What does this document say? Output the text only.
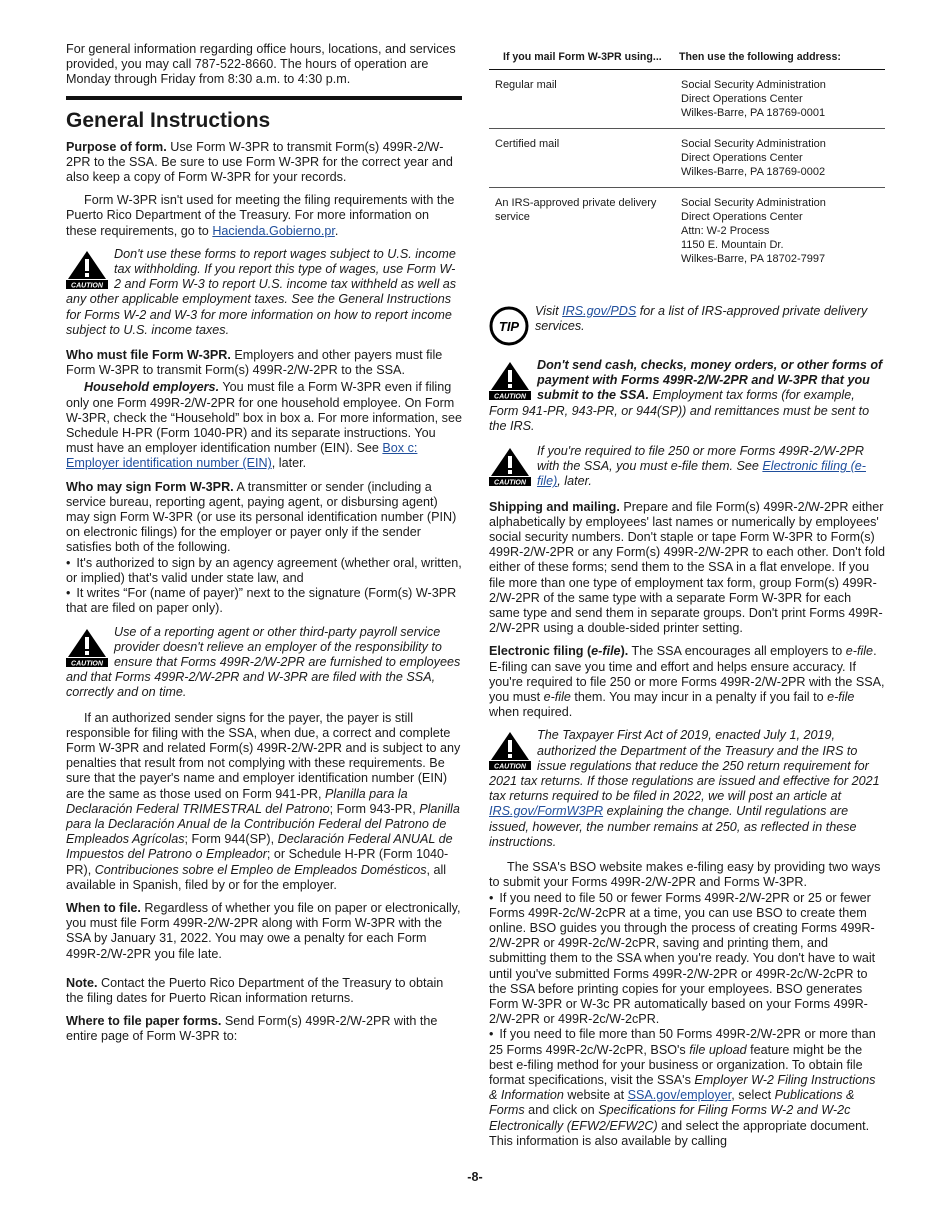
For general information regarding office hours, locations, and services provided, you may call 787-522-8660. The hours of operation are Monday through Friday from 8:30 a.m. to 4:30 p.m.

General Instructions

Purpose of form. Use Form W-3PR to transmit Form(s) 499R-2/W-2PR to the SSA. Be sure to use Form W-3PR for the correct year and also keep a copy of Form W-3PR for your records.

Form W-3PR isn't used for meeting the filing requirements with the Puerto Rico Department of the Treasury. For more information on these requirements, go to Hacienda.Gobierno.pr.

CAUTION
Don't use these forms to report wages subject to U.S. income tax withholding. If you report this type of wages, use Form W-2 and Form W-3 to report U.S. income tax withheld as well as any other applicable employment taxes. See the General Instructions for Forms W-2 and W-3 for more information on how to report income subject to U.S. income taxes.

Who must file Form W-3PR. Employers and other payers must file Form W-3PR to transmit Form(s) 499R-2/W-2PR to the SSA.

Household employers. You must file a Form W-3PR even if filing only one Form 499R-2/W-2PR for one household employee. On Form W-3PR, check the “Household” box in box a. For more information, see Schedule H-PR (Form 1040-PR) and its separate instructions. You must have an employer identification number (EIN). See Box c: Employer identification number (EIN), later.

Who may sign Form W-3PR. A transmitter or sender (including a service bureau, reporting agent, paying agent, or disbursing agent) may sign Form W-3PR (or use its personal identification number (PIN) on electronic filings) for the employer or payer only if the sender satisfies both of the following.

• It's authorized to sign by an agency agreement (whether oral, written, or implied) that's valid under state law, and
• It writes “For (name of payer)” next to the signature (Form(s) W-3PR that are filed on paper only).
CAUTION
Use of a reporting agent or other third-party payroll service provider doesn't relieve an employer of the responsibility to ensure that Forms 499R-2/W-2PR are furnished to employees and that Forms 499R-2/W-2PR and W-3PR are filed with the SSA, correctly and on time.

If an authorized sender signs for the payer, the payer is still responsible for filing with the SSA, when due, a correct and complete Form W-3PR and related Form(s) 499R-2/W-2PR and is subject to any penalties that result from not complying with these requirements. Be sure that the payer's name and employer identification number (EIN) are the same as those used on Form 941-PR, Planilla para la Declaración Federal TRIMESTRAL del Patrono; Form 943-PR, Planilla para la Declaración Anual de la Contribución Federal del Patrono de Empleados Agrícolas; Form 944(SP), Declaración Federal ANUAL de Impuestos del Patrono o Empleador; or Schedule H-PR (Form 1040-PR), Contribuciones sobre el Empleo de Empleados Domésticos, all available in Spanish, filed by or for the employer.

When to file. Regardless of whether you file on paper or electronically, you must file Form 499R-2/W-2PR along with Form W-3PR with the SSA by January 31, 2022. You may owe a penalty for each Form 499R-2/W-2PR you file late.

Note. Contact the Puerto Rico Department of the Treasury to obtain the filing dates for Puerto Rican information returns.

Where to file paper forms. Send Form(s) 499R-2/W-2PR with the entire page of Form W-3PR to:

If you mail Form W-3PR using...	Then use the following address:
Regular mail	Social Security Administration
Direct Operations Center
Wilkes-Barre, PA 18769-0001

Certified mail	Social Security Administration
Direct Operations Center
Wilkes-Barre, PA 18769-0002

An IRS-approved private delivery service	Social Security Administration
Direct Operations Center
Attn: W-2 Process
1150 E. Mountain Dr.
Wilkes-Barre, PA 18702-7997
TIP
Visit IRS.gov/PDS for a list of IRS-approved private delivery services.
CAUTION
Don't send cash, checks, money orders, or other forms of payment with Forms 499R-2/W-2PR and W-3PR that you submit to the SSA. Employment tax forms (for example, Form 941-PR, 943-PR, or 944(SP)) and remittances must be sent to the IRS.
CAUTION
If you're required to file 250 or more Forms 499R-2/W-2PR with the SSA, you must e-file them. See Electronic filing (e-file), later.

Shipping and mailing. Prepare and file Form(s) 499R-2/W-2PR either alphabetically by employees' last names or numerically by employees' social security numbers. Don't staple or tape Form W-3PR to Form(s) 499R-2/W-2PR or any Form(s) 499R-2/W-2PR to each other. Don't fold either of these forms; send them to the SSA in a flat envelope. If you file more than one type of employment tax form, group Form(s) 499R-2/W-2PR of the same type with a separate Form W-3PR for each same type and send them in separate groups. Don't print Forms 499R-2/W-2PR using a double-sided printer setting.

Electronic filing (e-file). The SSA encourages all employers to e-file. E-filing can save you time and effort and helps ensure accuracy. If you're required to file 250 or more Forms 499R-2/W-2PR with the SSA, you must e-file them. You may incur in a penalty if you fail to e-file when required.

CAUTION
The Taxpayer First Act of 2019, enacted July 1, 2019, authorized the Department of the Treasury and the IRS to issue regulations that reduce the 250 return requirement for 2021 tax returns. If those regulations are issued and effective for 2021 tax returns required to be filed in 2022, we will post an article at IRS.gov/FormW3PR explaining the change. Until regulations are issued, however, the number remains at 250, as reflected in these instructions.

The SSA's BSO website makes e-filing easy by providing two ways to submit your Forms 499R-2/W-2PR and Forms W-3PR.

• If you need to file 50 or fewer Forms 499R-2/W-2PR or 25 or fewer Forms 499R-2c/W-2cPR at a time, you can use BSO to create them online. BSO guides you through the process of creating Forms 499R-2/W-2PR or 499R-2c/W-2cPR, saving and printing them, and submitting them to the SSA when you're ready. You don't have to wait until you've submitted Forms 499R-2/W-2PR or 499R-2c/W-2cPR to the SSA before printing copies for your employees. BSO generates Form W-3PR or W-3c PR automatically based on your Forms 499R-2/W-2PR or 499R-2c/W-2cPR.
• If you need to file more than 50 Forms 499R-2/W-2PR or more than 25 Forms 499R-2c/W-2cPR, BSO's file upload feature might be the best e-filing method for your business or organization. To obtain file format specifications, visit the SSA's Employer W-2 Filing Instructions & Information website at SSA.gov/employer, select Publications & Forms and click on Specifications for Filing Forms W-2 and W-2c Electronically (EFW2/EFW2C) and select the appropriate document. This information is also available by calling
-8-
